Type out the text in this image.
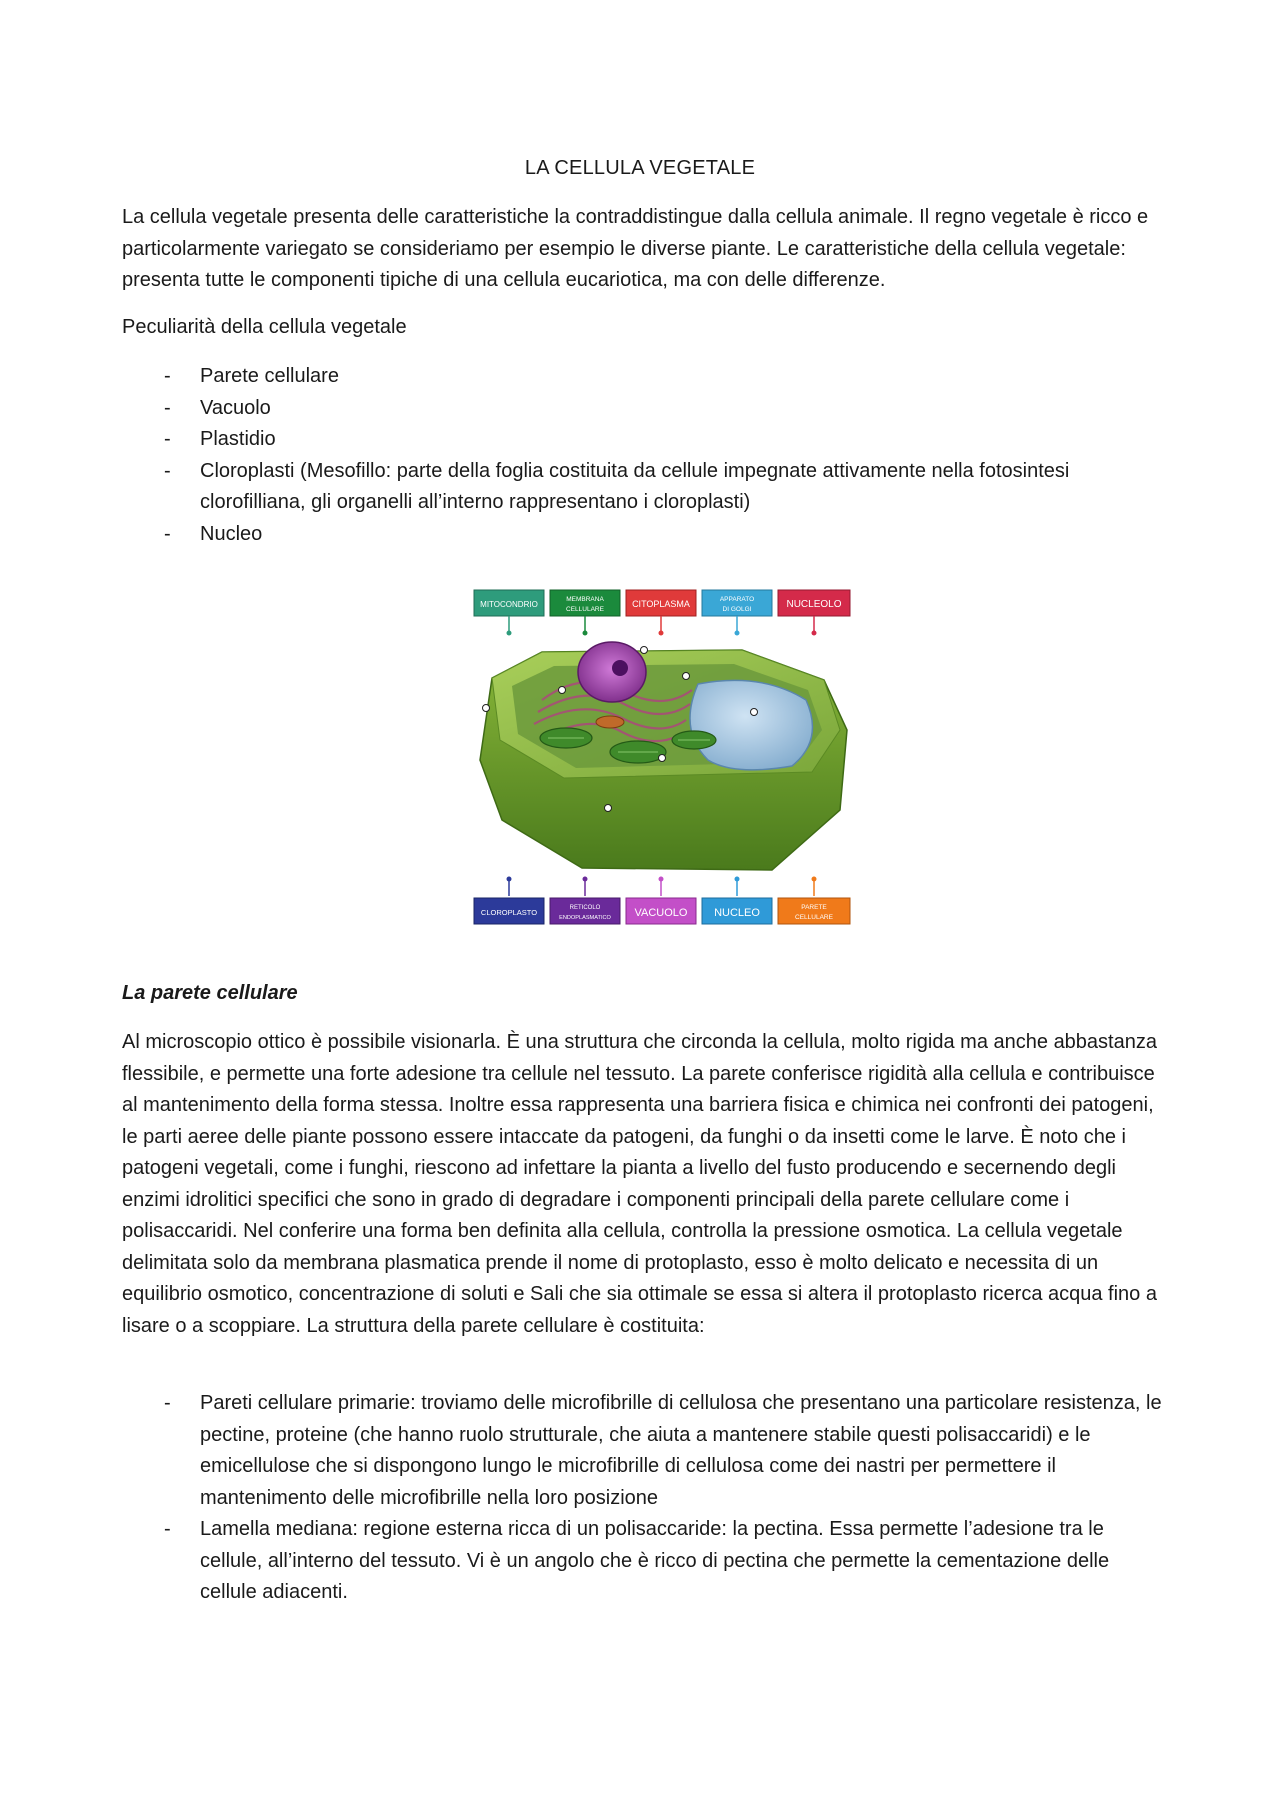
LA CELLULA VEGETALE

La cellula vegetale presenta delle caratteristiche la contraddistingue dalla cellula animale. Il regno vegetale è ricco e particolarmente variegato se consideriamo per esempio le diverse piante. Le caratteristiche della cellula vegetale: presenta tutte le componenti tipiche di una cellula eucariotica, ma con delle differenze.

Peculiarità della cellula vegetale

- Parete cellulare
- Vacuolo
- Plastidio
- Cloroplasti (Mesofillo: parte della foglia costituita da cellule impegnate attivamente nella fotosintesi clorofilliana, gli organelli all’interno rappresentano i cloroplasti)
- Nucleo
MITOCONDRIO
MEMBRANA
CELLULARE
CITOPLASMA	APPARATO
DI GOLGI	NUCLEOLO
CLOROPLASTO	RETICOLO
ENDOPLASMATICO VACUOLO NUCLEO	PARETE
CELLULARE

La parete cellulare

Al microscopio ottico è possibile visionarla. È una struttura che circonda la cellula, molto rigida ma anche abbastanza flessibile, e permette una forte adesione tra cellule nel tessuto. La parete conferisce rigidità alla cellula e contribuisce al mantenimento della forma stessa. Inoltre essa rappresenta una barriera fisica e chimica nei confronti dei patogeni, le parti aeree delle piante possono essere intaccate da patogeni, da funghi o da insetti come le larve. È noto che i patogeni vegetali, come i funghi, riescono ad infettare la pianta a livello del fusto producendo e secernendo degli enzimi idrolitici specifici che sono in grado di degradare i componenti principali della parete cellulare come i polisaccaridi. Nel conferire una forma ben definita alla cellula, controlla la pressione osmotica. La cellula vegetale delimitata solo da membrana plasmatica prende il nome di protoplasto, esso è molto delicato e necessita di un equilibrio osmotico, concentrazione di soluti e Sali che sia ottimale se essa si altera il protoplasto ricerca acqua fino a lisare o a scoppiare. La struttura della parete cellulare è costituita:

- Pareti cellulare primarie: troviamo delle microfibrille di cellulosa che presentano una particolare resistenza, le pectine, proteine (che hanno ruolo strutturale, che aiuta a mantenere stabile questi polisaccaridi) e le emicellulose che si dispongono lungo le microfibrille di cellulosa come dei nastri per permettere il mantenimento delle microfibrille nella loro posizione
- Lamella mediana: regione esterna ricca di un polisaccaride: la pectina. Essa permette l’adesione tra le cellule, all’interno del tessuto. Vi è un angolo che è ricco di pectina che permette la cementazione delle cellule adiacenti.
